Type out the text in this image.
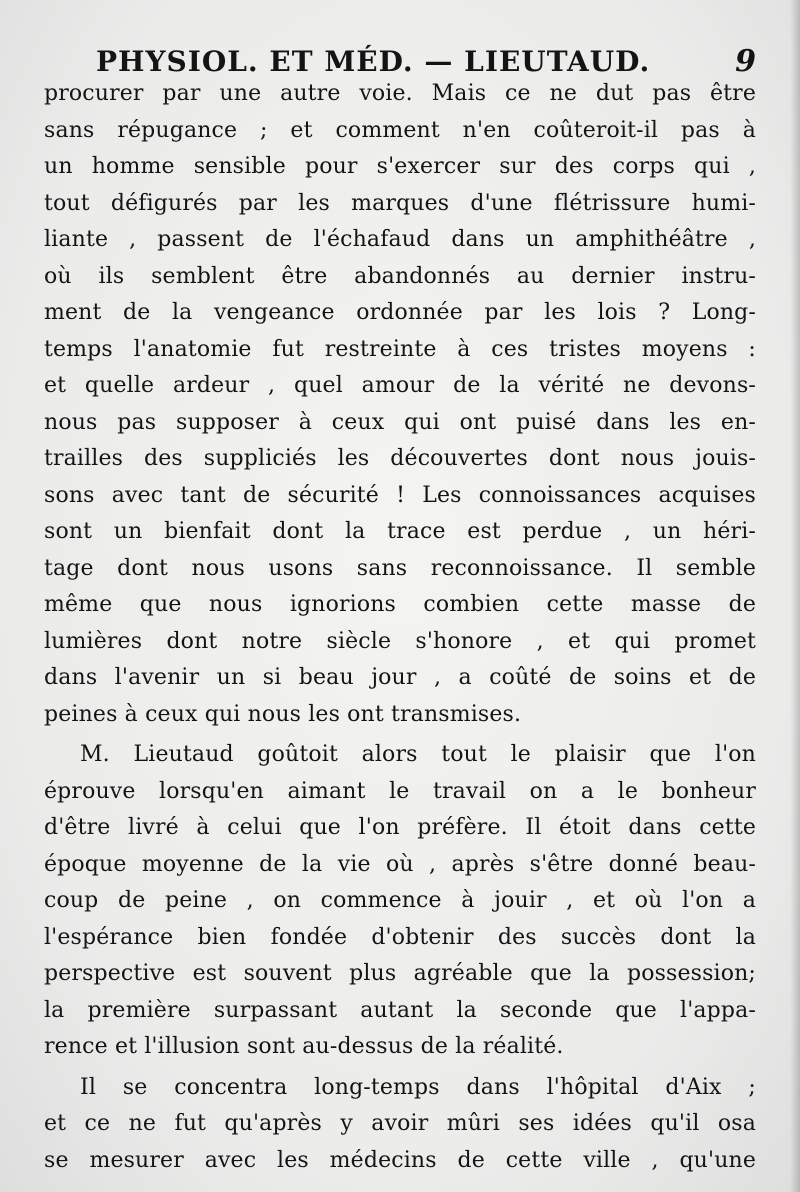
PHYSIOL. ET MÉD. — LIEUTAUD.	9
procurer par une autre voie. Mais ce ne dut pas être
sans répugance ; et comment n'en coûteroit-il pas à
un homme sensible pour s'exercer sur des corps qui ,
tout défigurés par les marques d'une flétrissure humi-
liante , passent de l'échafaud dans un amphithéâtre ,
où ils semblent être abandonnés au dernier instru-
ment de la vengeance ordonnée par les lois ? Long-
temps l'anatomie fut restreinte à ces tristes moyens :
et quelle ardeur , quel amour de la vérité ne devons-
nous pas supposer à ceux qui ont puisé dans les en-
trailles des suppliciés les découvertes dont nous jouis-
sons avec tant de sécurité ! Les connoissances acquises
sont un bienfait dont la trace est perdue , un héri-
tage dont nous usons sans reconnoissance. Il semble
même que nous ignorions combien cette masse de
lumières dont notre siècle s'honore , et qui promet
dans l'avenir un si beau jour , a coûté de soins et de
peines à ceux qui nous les ont transmises.
M. Lieutaud goûtoit alors tout le plaisir que l'on
éprouve lorsqu'en aimant le travail on a le bonheur
d'être livré à celui que l'on préfère. Il étoit dans cette
époque moyenne de la vie où , après s'être donné beau-
coup de peine , on commence à jouir , et où l'on a
l'espérance bien fondée d'obtenir des succès dont la
perspective est souvent plus agréable que la possession;
la première surpassant autant la seconde que l'appa-
rence et l'illusion sont au-dessus de la réalité.
Il se concentra long-temps dans l'hôpital d'Aix ;
et ce ne fut qu'après y avoir mûri ses idées qu'il osa
se mesurer avec les médecins de cette ville , qu'une
